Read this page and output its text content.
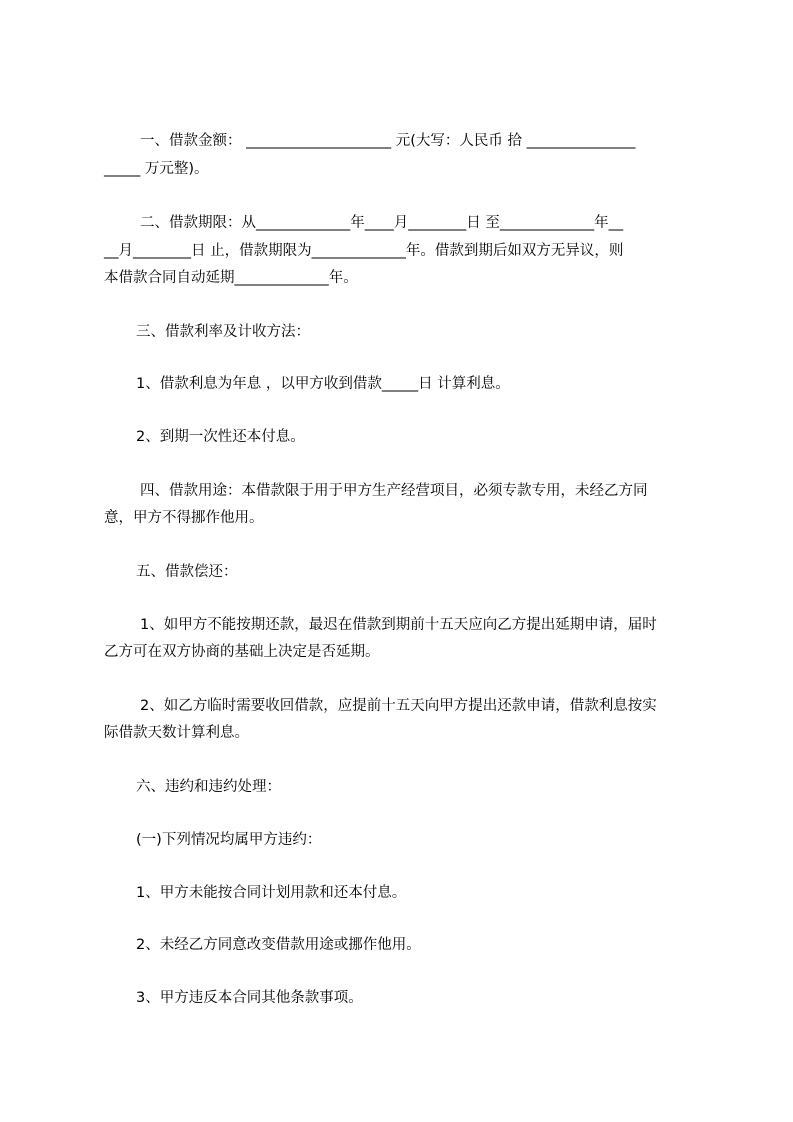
一、借款金额： ____________________ 元(大写：人民币 拾 _______________
_____ 万元整)。
二、借款期限：从_____________年____月________日 至_____________年__
__月________日 止，借款期限为_____________年。借款到期后如双方无异议，则
本借款合同自动延期_____________年。
三、借款利率及计收方法：
1、借款利息为年息 ，以甲方收到借款_____日 计算利息。
2、到期一次性还本付息。
四、借款用途：本借款限于用于甲方生产经营项目，必须专款专用，未经乙方同
意，甲方不得挪作他用。
五、借款偿还：
1、如甲方不能按期还款，最迟在借款到期前十五天应向乙方提出延期申请，届时
乙方可在双方协商的基础上决定是否延期。
2、如乙方临时需要收回借款，应提前十五天向甲方提出还款申请，借款利息按实
际借款天数计算利息。
六、违约和违约处理：
(一)下列情况均属甲方违约：
1、甲方未能按合同计划用款和还本付息。
2、未经乙方同意改变借款用途或挪作他用。
3、甲方违反本合同其他条款事项。
